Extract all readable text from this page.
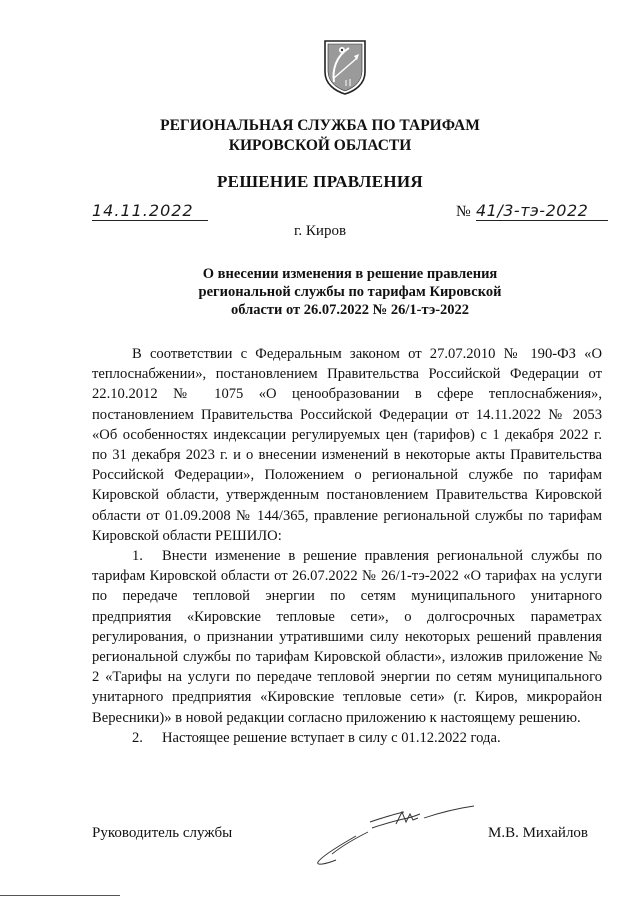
РЕГИОНАЛЬНАЯ СЛУЖБА ПО ТАРИФАМ
КИРОВСКОЙ ОБЛАСТИ
РЕШЕНИЕ ПРАВЛЕНИЯ
14.11.2022	№ 41/3-тэ-2022
г. Киров
О внесении изменения в решение правления
региональной службы по тарифам Кировской
области от 26.07.2022 № 26/1-тэ-2022

В соответствии с Федеральным законом от 27.07.2010 № 190-ФЗ «О теплоснабжении», постановлением Правительства Российской Федерации от 22.10.2012 № 1075 «О ценообразовании в сфере теплоснабжения», постановлением Правительства Российской Федерации от 14.11.2022 № 2053 «Об особенностях индексации регулируемых цен (тарифов) с 1 декабря 2022 г. по 31 декабря 2023 г. и о внесении изменений в некоторые акты Правительства Российской Федерации», Положением о региональной службе по тарифам Кировской области, утвержденным постановлением Правительства Кировской области от 01.09.2008 № 144/365, правление региональной службы по тарифам Кировской области РЕШИЛО:

1. Внести изменение в решение правления региональной службы по тарифам Кировской области от 26.07.2022 № 26/1-тэ-2022 «О тарифах на услуги по передаче тепловой энергии по сетям муниципального унитарного предприятия «Кировские тепловые сети», о долгосрочных параметрах регулирования, о признании утратившими силу некоторых решений правления региональной службы по тарифам Кировской области», изложив приложение № 2 «Тарифы на услуги по передаче тепловой энергии по сетям муниципального унитарного предприятия «Кировские тепловые сети» (г. Киров, микрорайон Вересники)» в новой редакции согласно приложению к настоящему решению.

2. Настоящее решение вступает в силу с 01.12.2022 года.

Руководитель службы	М.В. Михайлов
